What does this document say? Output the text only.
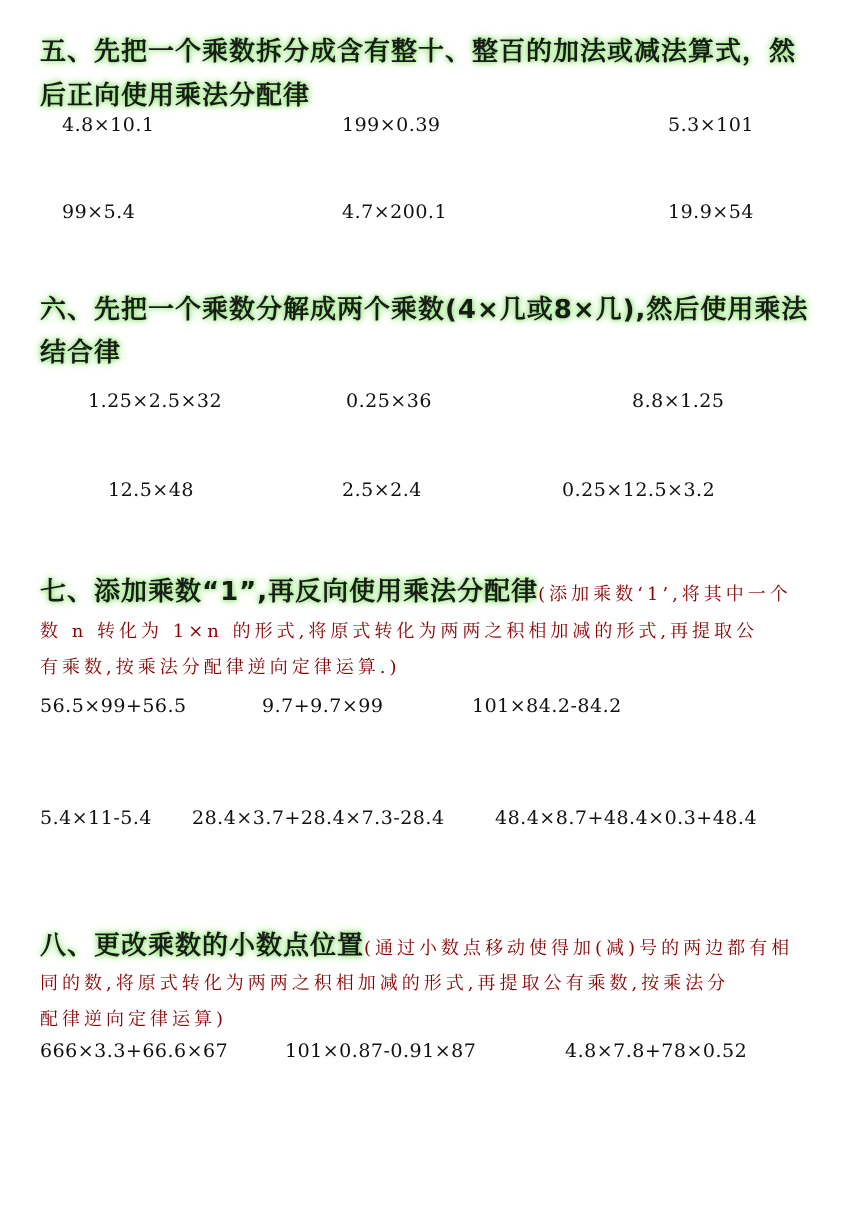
五、先把一个乘数拆分成含有整十、整百的加法或减法算式，然
后正向使用乘法分配律
4.8×10.1	199×0.39	5.3×101
99×5.4	4.7×200.1	19.9×54
六、先把一个乘数分解成两个乘数(4×几或8×几),然后使用乘法
结合律
1.25×2.5×32	0.25×36	8.8×1.25
12.5×48	2.5×2.4	0.25×12.5×3.2
七、添加乘数“1”,再反向使用乘法分配律(添加乘数‘1’,将其中一个
数 n 转化为 1×n 的形式,将原式转化为两两之积相加减的形式,再提取公
有乘数,按乘法分配律逆向定律运算.)
56.5×99+56.5	9.7+9.7×99	101×84.2-84.2
5.4×11-5.4 28.4×3.7+28.4×7.3-28.4	48.4×8.7+48.4×0.3+48.4
八、更改乘数的小数点位置(通过小数点移动使得加(减)号的两边都有相
同的数,将原式转化为两两之积相加减的形式,再提取公有乘数,按乘法分
配律逆向定律运算)
666×3.3+66.6×67	101×0.87-0.91×87	4.8×7.8+78×0.52
